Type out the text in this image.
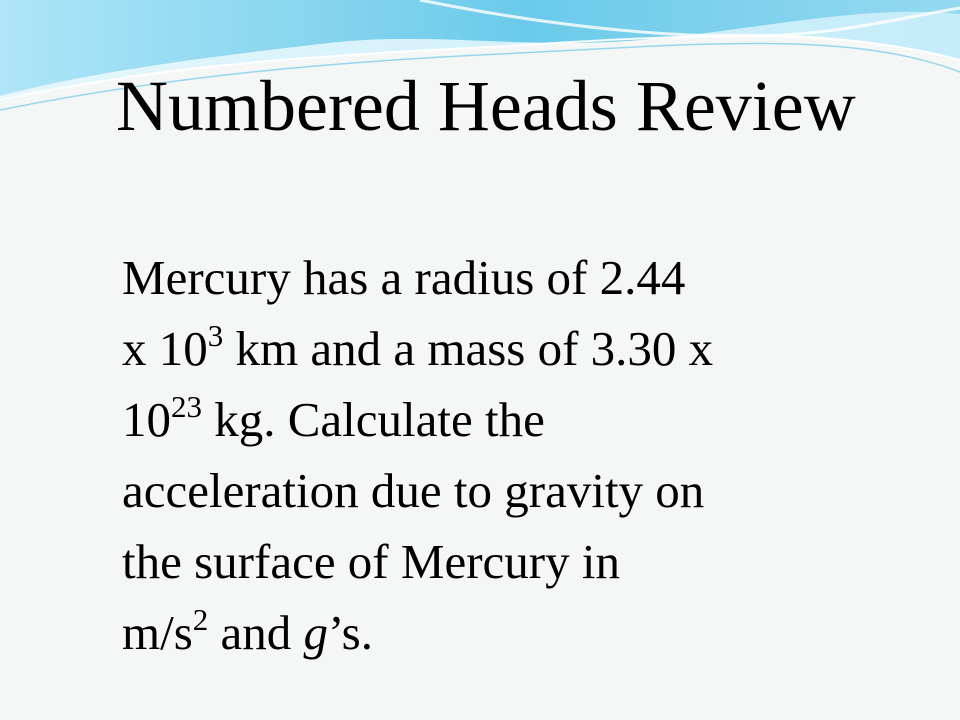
Numbered Heads Review
Mercury has a radius of 2.44
x $10^3$ km and a mass of 3.30 x
$10^{23}$ kg. Calculate the
acceleration due to gravity on
the surface of Mercury in
$m/s^2$ and g’s.
